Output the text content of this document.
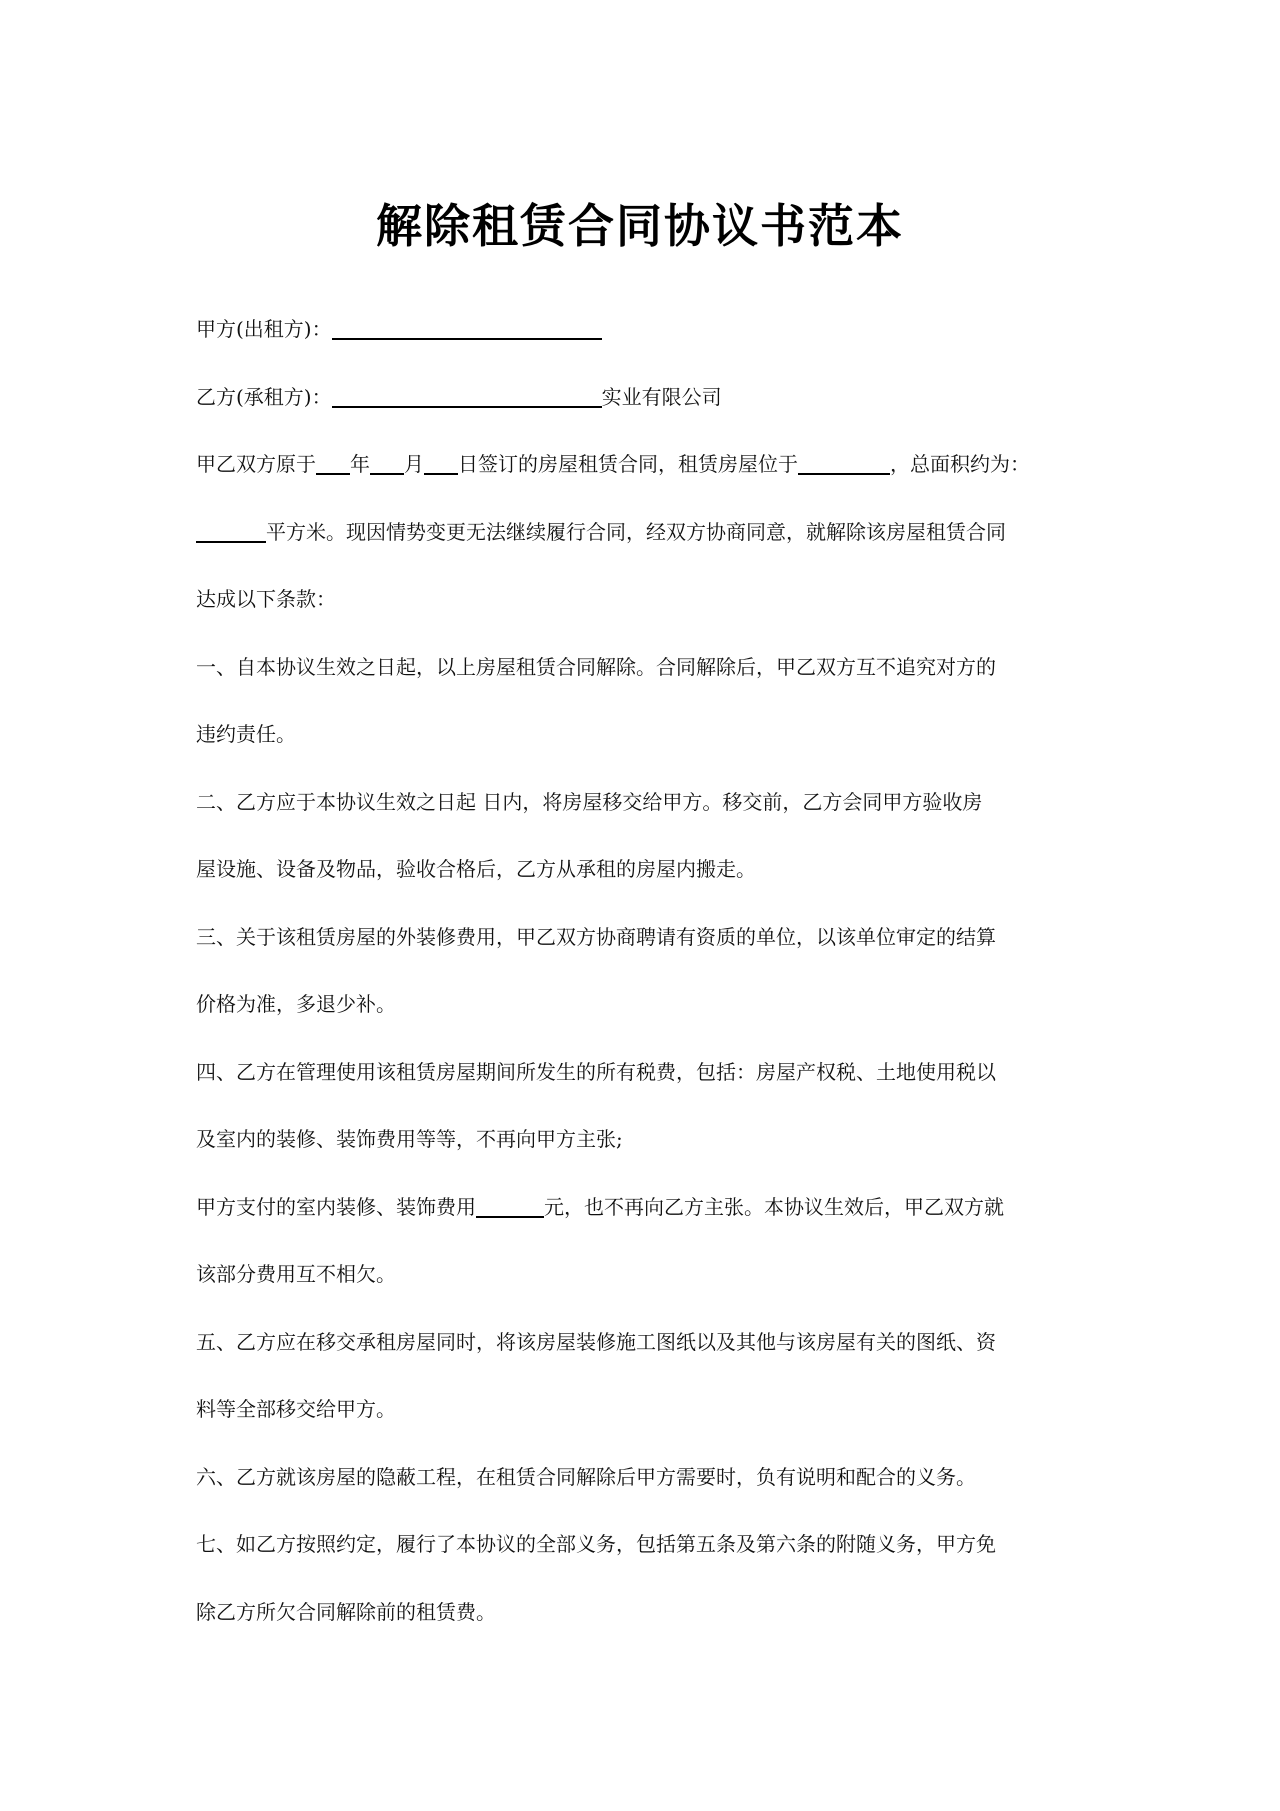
解除租赁合同协议书范本
甲方(出租方)：
乙方(承租方)：	实业有限公司
甲乙双方原于 年 月 日签订的房屋租赁合同，租赁房屋位于	，总面积约为：
平方米。现因情势变更无法继续履行合同，经双方协商同意，就解除该房屋租赁合同
达成以下条款：
一、自本协议生效之日起，以上房屋租赁合同解除。合同解除后，甲乙双方互不追究对方的
违约责任。
二、乙方应于本协议生效之日起 日内，将房屋移交给甲方。移交前，乙方会同甲方验收房
屋设施、设备及物品，验收合格后，乙方从承租的房屋内搬走。
三、关于该租赁房屋的外装修费用，甲乙双方协商聘请有资质的单位，以该单位审定的结算
价格为准，多退少补。
四、乙方在管理使用该租赁房屋期间所发生的所有税费，包括：房屋产权税、土地使用税以
及室内的装修、装饰费用等等，不再向甲方主张;
甲方支付的室内装修、装饰费用	元，也不再向乙方主张。本协议生效后，甲乙双方就
该部分费用互不相欠。
五、乙方应在移交承租房屋同时，将该房屋装修施工图纸以及其他与该房屋有关的图纸、资
料等全部移交给甲方。
六、乙方就该房屋的隐蔽工程，在租赁合同解除后甲方需要时，负有说明和配合的义务。
七、如乙方按照约定，履行了本协议的全部义务，包括第五条及第六条的附随义务，甲方免
除乙方所欠合同解除前的租赁费。
